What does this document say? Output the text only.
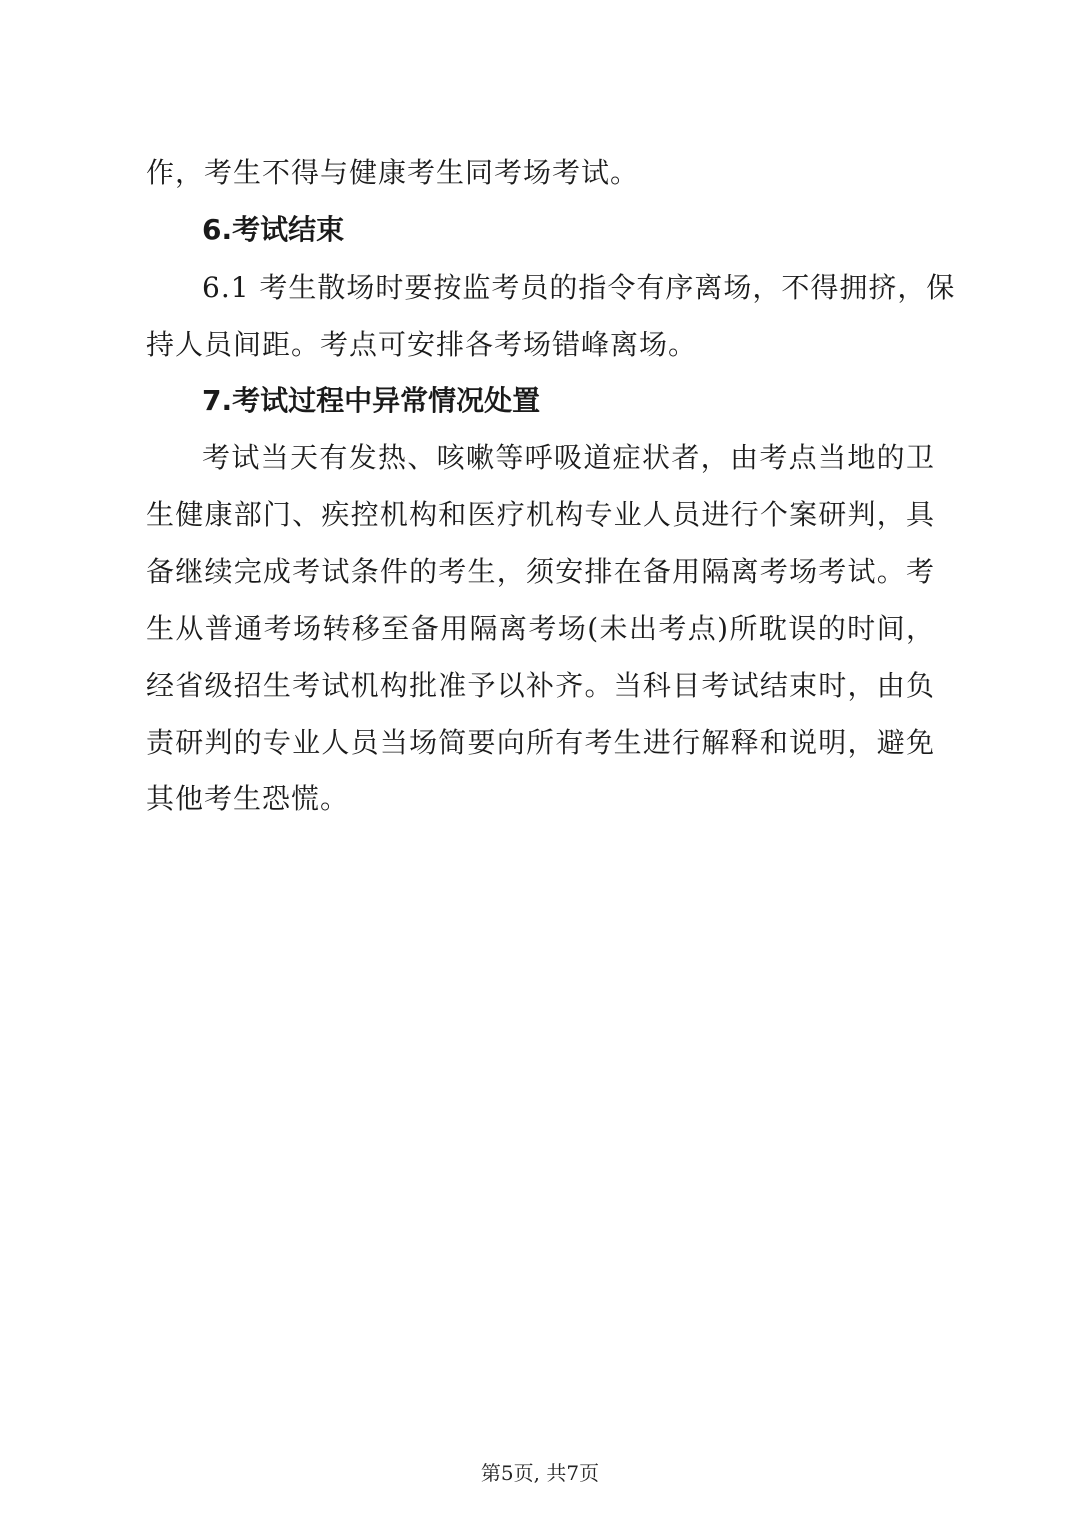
作，考生不得与健康考生同考场考试。
6.考试结束
6.1 考生散场时要按监考员的指令有序离场，不得拥挤，保
持人员间距。考点可安排各考场错峰离场。
7.考试过程中异常情况处置
考试当天有发热、咳嗽等呼吸道症状者，由考点当地的卫
生健康部门、疾控机构和医疗机构专业人员进行个案研判，具
备继续完成考试条件的考生，须安排在备用隔离考场考试。考
生从普通考场转移至备用隔离考场(未出考点)所耽误的时间，
经省级招生考试机构批准予以补齐。当科目考试结束时，由负
责研判的专业人员当场简要向所有考生进行解释和说明，避免
其他考生恐慌。
第5页, 共7页
